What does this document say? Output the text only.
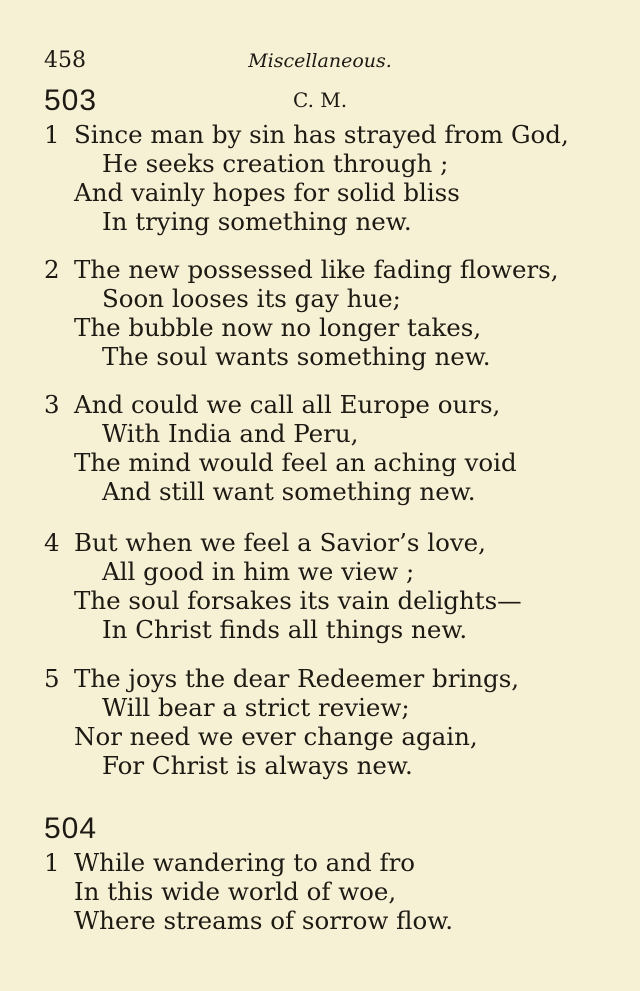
458	Miscellaneous.
503	C. M.
1 Since man by sin has strayed from God,
He seeks creation through ;
And vainly hopes for solid bliss
In trying something new.
2 The new possessed like fading flowers,
Soon looses its gay hue;
The bubble now no longer takes,
The soul wants something new.
3 And could we call all Europe ours,
With India and Peru,
The mind would feel an aching void
And still want something new.
4 But when we feel a Savior’s love,
All good in him we view ;
The soul forsakes its vain delights—
In Christ finds all things new.
5 The joys the dear Redeemer brings,
Will bear a strict review;
Nor need we ever change again,
For Christ is always new.
504
1 While wandering to and fro
In this wide world of woe,
Where streams of sorrow flow.
